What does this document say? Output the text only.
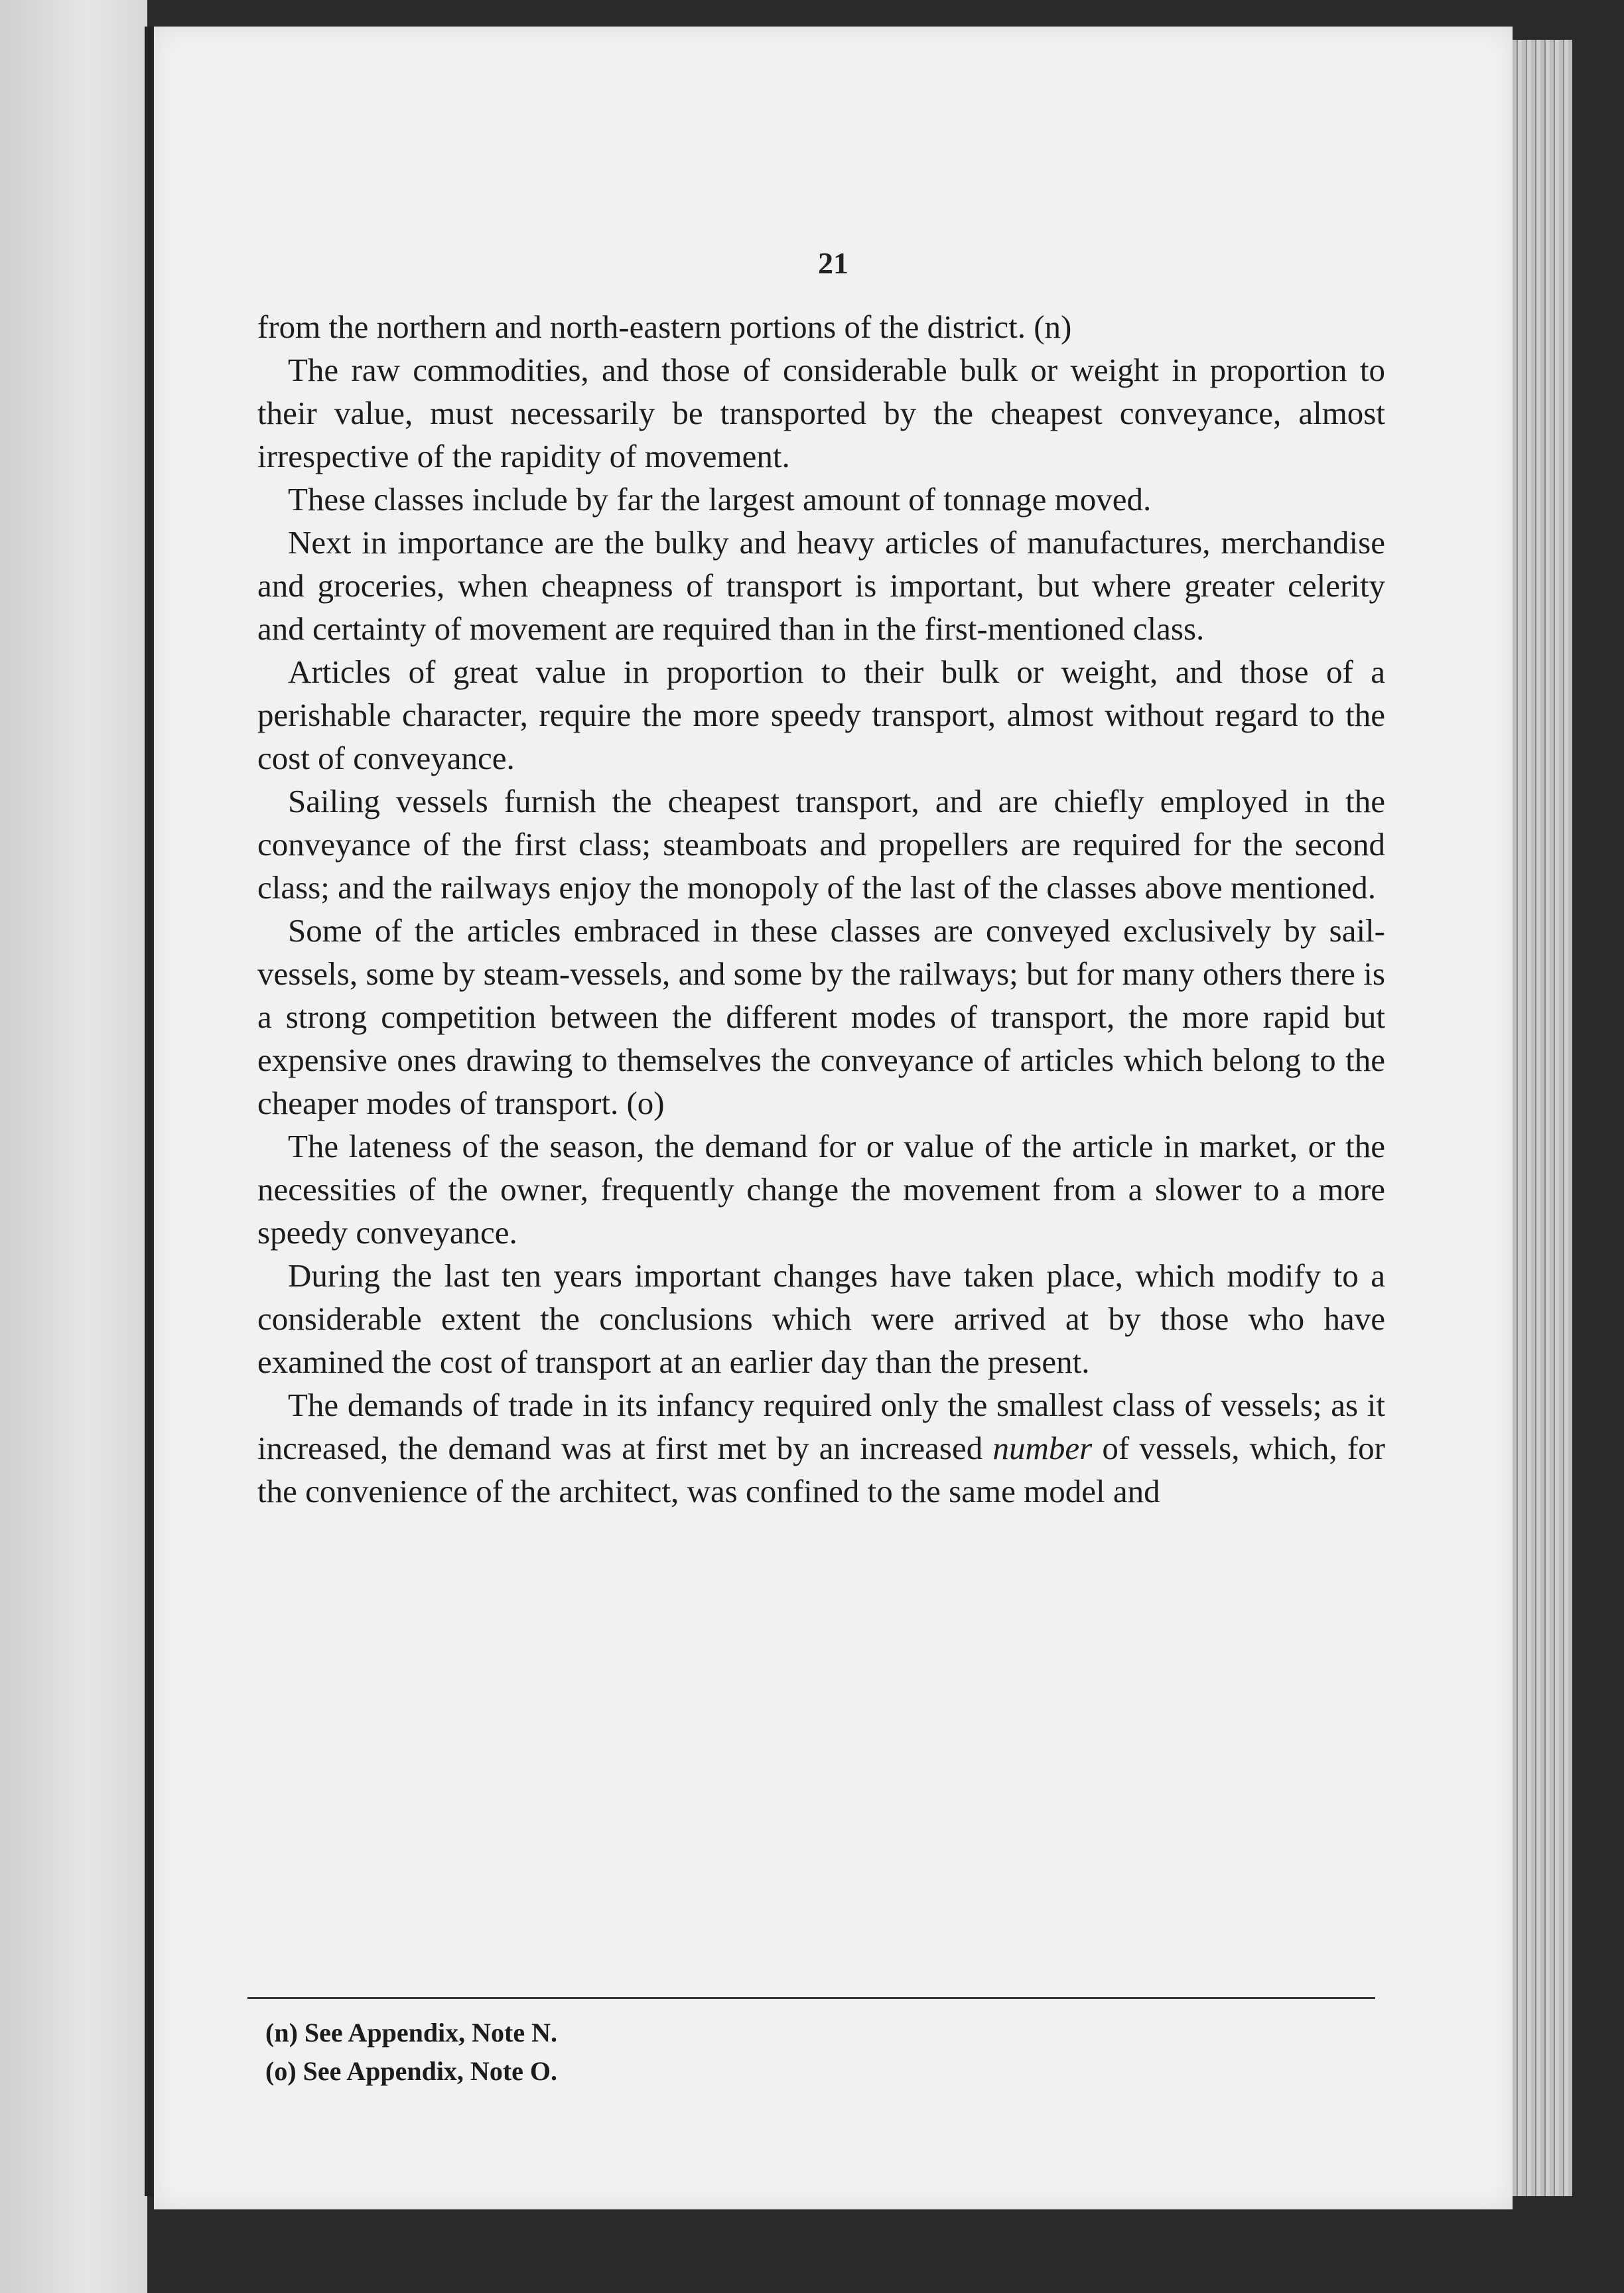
21

from the northern and north-eastern portions of the district. (n)

The raw commodities, and those of considerable bulk or weight in proportion to their value, must necessarily be transported by the cheapest conveyance, almost irrespective of the rapidity of movement.

These classes include by far the largest amount of tonnage moved.

Next in importance are the bulky and heavy articles of manufactures, merchandise and groceries, when cheapness of transport is important, but where greater celerity and certainty of movement are required than in the first-mentioned class.

Articles of great value in proportion to their bulk or weight, and those of a perishable character, require the more speedy transport, almost without regard to the cost of conveyance.

Sailing vessels furnish the cheapest transport, and are chiefly employed in the conveyance of the first class; steamboats and propellers are required for the second class; and the railways enjoy the monopoly of the last of the classes above mentioned.

Some of the articles embraced in these classes are conveyed exclusively by sail-vessels, some by steam-vessels, and some by the railways; but for many others there is a strong competition between the different modes of transport, the more rapid but expensive ones drawing to themselves the conveyance of articles which belong to the cheaper modes of transport. (o)

The lateness of the season, the demand for or value of the article in market, or the necessities of the owner, frequently change the movement from a slower to a more speedy conveyance.

During the last ten years important changes have taken place, which modify to a considerable extent the conclusions which were arrived at by those who have examined the cost of transport at an earlier day than the present.

The demands of trade in its infancy required only the smallest class of vessels; as it increased, the demand was at first met by an increased number of vessels, which, for the convenience of the architect, was confined to the same model and

(n) See Appendix, Note N.
(o) See Appendix, Note O.
